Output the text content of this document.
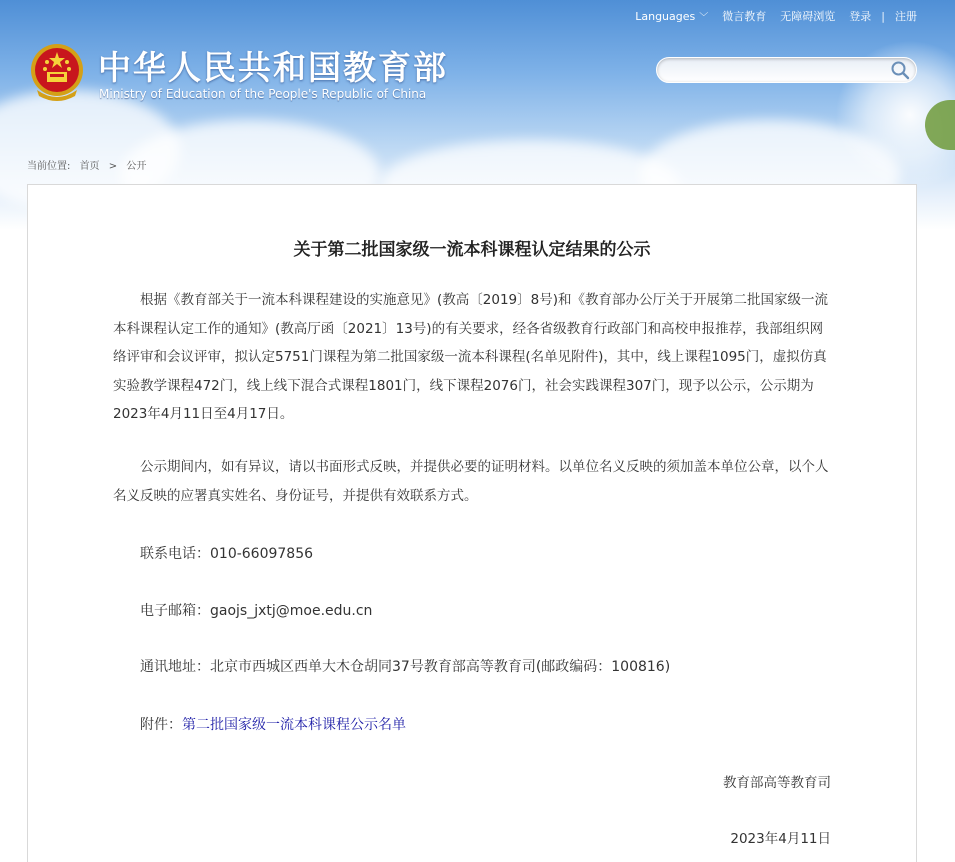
Languages ﹀ 微言教育 无障碍浏览 登录 | 注册
中华人民共和国教育部
Ministry of Education of the People's Republic of China
当前位置: 首页 > 公开
关于第二批国家级一流本科课程认定结果的公示

根据《教育部关于一流本科课程建设的实施意见》(教高〔2019〕8号)和《教育部办公厅关于开展第二批国家级一流本科课程认定工作的通知》(教高厅函〔2021〕13号)的有关要求，经各省级教育行政部门和高校申报推荐，我部组织网络评审和会议评审，拟认定5751门课程为第二批国家级一流本科课程(名单见附件)，其中，线上课程1095门，虚拟仿真实验教学课程472门，线上线下混合式课程1801门，线下课程2076门，社会实践课程307门，现予以公示，公示期为2023年4月11日至4月17日。

公示期间内，如有异议，请以书面形式反映，并提供必要的证明材料。以单位名义反映的须加盖本单位公章，以个人名义反映的应署真实姓名、身份证号，并提供有效联系方式。

联系电话：010-66097856
电子邮箱：gaojs_jxtj@moe.edu.cn
通讯地址：北京市西城区西单大木仓胡同37号教育部高等教育司(邮政编码：100816)
附件：第二批国家级一流本科课程公示名单
教育部高等教育司
2023年4月11日
